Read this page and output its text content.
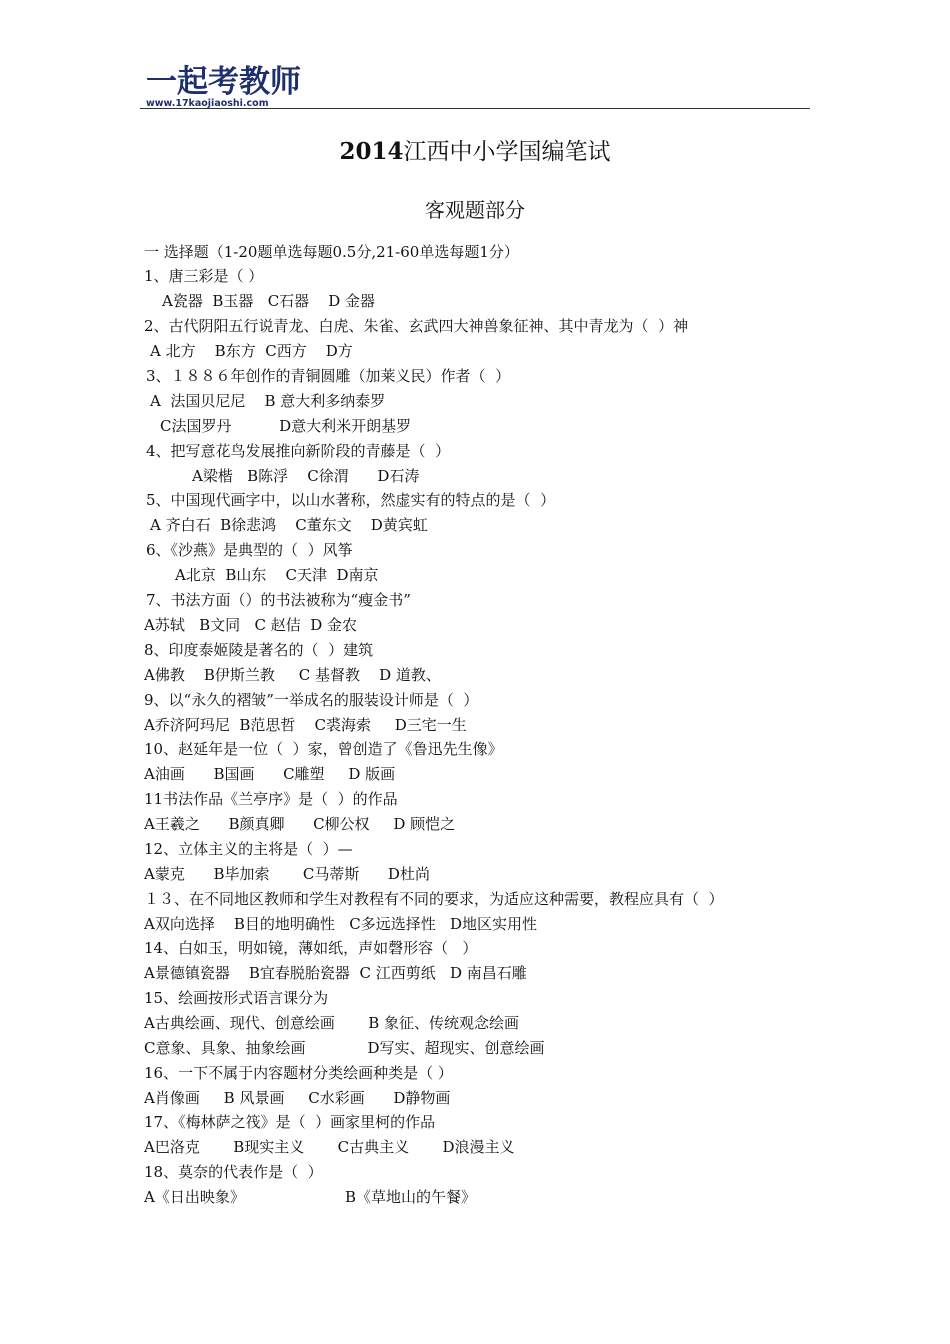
一起考教师
www.17kaojiaoshi.com
2014江西中小学国编笔试
客观题部分
一 选择题（1-20题单选每题0.5分,21-60单选每题1分）
1、唐三彩是（ ）
A瓷器  B玉器   C石器    D 金器
2、古代阴阳五行说青龙、白虎、朱雀、玄武四大神兽象征神、其中青龙为（  ）神
A 北方    B东方  C西方    D方
3、１８８６年创作的青铜圆雕（加莱义民）作者（  ）
A  法国贝尼尼    B 意大利多纳泰罗
C法国罗丹          D意大利米开朗基罗
4、把写意花鸟发展推向新阶段的青藤是（  ）
A梁楷   B陈浮    C徐渭      D石涛
5、中国现代画字中，以山水著称，然虚实有的特点的是（  ）
A 齐白石  B徐悲鸿    C董东文    D黄宾虹
6、《沙燕》是典型的（  ）风筝
A北京  B山东    C天津  D南京
7、书法方面（）的书法被称为“瘦金书”
A苏轼   B文同   C 赵佶  D 金农
8、印度泰姬陵是著名的（  ）建筑
A佛教    B伊斯兰教     C 基督教    D 道教、
9、以“永久的褶皱”一举成名的服装设计师是（  ）
A乔济阿玛尼  B范思哲    C裘海索     D三宅一生
10、赵延年是一位（  ）家，曾创造了《鲁迅先生像》
A油画      B国画      C雕塑     D 版画
11书法作品《兰亭序》是（  ）的作品
A王羲之      B颜真卿      C柳公权     D 顾恺之
12、立体主义的主将是（  ）—
A蒙克      B毕加索       C马蒂斯      D杜尚
１３、在不同地区教师和学生对教程有不同的要求，为适应这种需要，教程应具有（  ）
A双向选择    B目的地明确性   C多远选择性   D地区实用性
14、白如玉，明如镜，薄如纸，声如磬形容（   ）
A景德镇瓷器    B宜春脱胎瓷器  C 江西剪纸   D 南昌石雕
15、绘画按形式语言课分为
A古典绘画、现代、创意绘画       B 象征、传统观念绘画
C意象、具象、抽象绘画             D写实、超现实、创意绘画
16、一下不属于内容题材分类绘画种类是（ ）
A肖像画     B 风景画     C水彩画      D静物画
17、《梅林萨之筏》是（  ）画家里柯的作品
A巴洛克       B现实主义       C古典主义       D浪漫主义
18、莫奈的代表作是（  ）
A《日出映象》                     B《草地山的午餐》
